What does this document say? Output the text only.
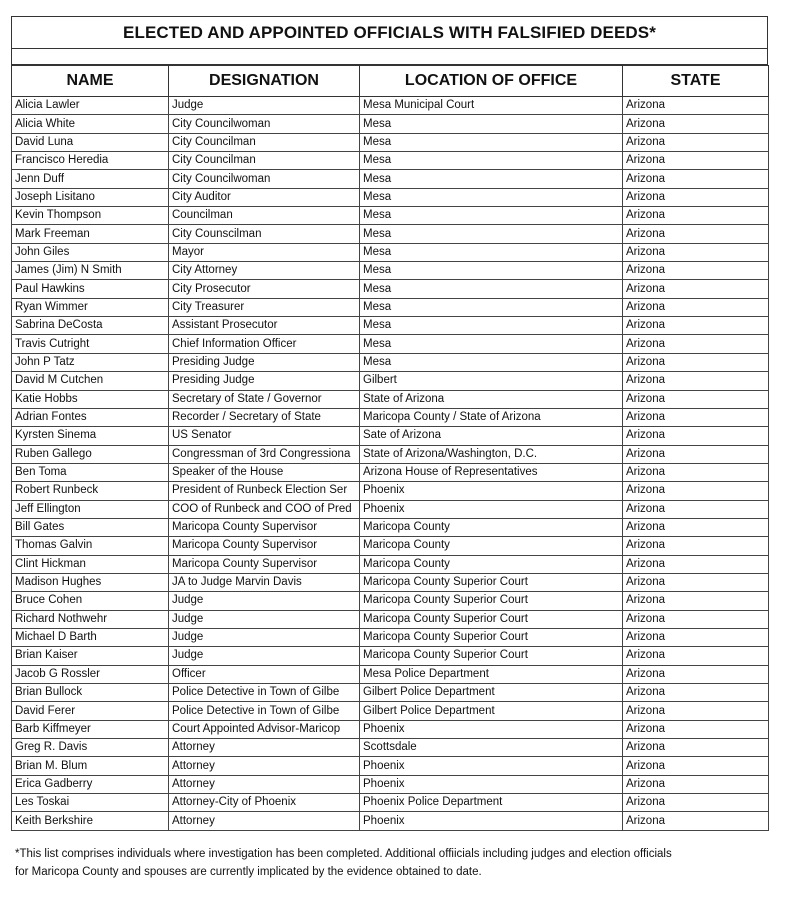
ELECTED AND APPOINTED OFFICIALS WITH FALSIFIED DEEDS*
NAME	DESIGNATION	LOCATION OF OFFICE	STATE
Alicia Lawler	Judge	Mesa Municipal Court	Arizona
Alicia White	City Councilwoman	Mesa	Arizona
David Luna	City Councilman	Mesa	Arizona
Francisco Heredia	City Councilman	Mesa	Arizona
Jenn Duff	City Councilwoman	Mesa	Arizona
Joseph Lisitano	City Auditor	Mesa	Arizona
Kevin Thompson	Councilman	Mesa	Arizona
Mark Freeman	City Counscilman	Mesa	Arizona
John Giles	Mayor	Mesa	Arizona
James (Jim) N Smith	City Attorney	Mesa	Arizona
Paul Hawkins	City Prosecutor	Mesa	Arizona
Ryan Wimmer	City Treasurer	Mesa	Arizona
Sabrina DeCosta	Assistant Prosecutor	Mesa	Arizona
Travis Cutright	Chief Information Officer	Mesa	Arizona
John P Tatz	Presiding Judge	Mesa	Arizona
David M Cutchen	Presiding Judge	Gilbert	Arizona
Katie Hobbs	Secretary of State / Governor	State of Arizona	Arizona
Adrian Fontes	Recorder / Secretary of State	Maricopa County / State of Arizona	Arizona
Kyrsten Sinema	US Senator	Sate of Arizona	Arizona
Ruben Gallego	Congressman of 3rd Congressiona	State of Arizona/Washington, D.C.	Arizona
Ben Toma	Speaker of the House	Arizona House of Representatives	Arizona
Robert Runbeck	President of Runbeck Election Ser	Phoenix	Arizona
Jeff Ellington	COO of Runbeck and COO of Pred	Phoenix	Arizona
Bill Gates	Maricopa County Supervisor	Maricopa County	Arizona
Thomas Galvin	Maricopa County Supervisor	Maricopa County	Arizona
Clint Hickman	Maricopa County Supervisor	Maricopa County	Arizona
Madison Hughes	JA to Judge Marvin Davis	Maricopa County Superior Court	Arizona
Bruce Cohen	Judge	Maricopa County Superior Court	Arizona
Richard Nothwehr	Judge	Maricopa County Superior Court	Arizona
Michael D Barth	Judge	Maricopa County Superior Court	Arizona
Brian Kaiser	Judge	Maricopa County Superior Court	Arizona
Jacob G Rossler	Officer	Mesa Police Department	Arizona
Brian Bullock	Police Detective in Town of Gilbe	Gilbert Police Department	Arizona
David Ferer	Police Detective in Town of Gilbe	Gilbert Police Department	Arizona
Barb Kiffmeyer	Court Appointed Advisor-Maricop	Phoenix	Arizona
Greg R. Davis	Attorney	Scottsdale	Arizona
Brian M. Blum	Attorney	Phoenix	Arizona
Erica Gadberry	Attorney	Phoenix	Arizona
Les Toskai	Attorney-City of Phoenix	Phoenix Police Department	Arizona
Keith Berkshire	Attorney	Phoenix	Arizona
*This list comprises individuals where investigation has been completed. Additional offiicials including judges and election officials
for Maricopa County and spouses are currently implicated by the evidence obtained to date.
